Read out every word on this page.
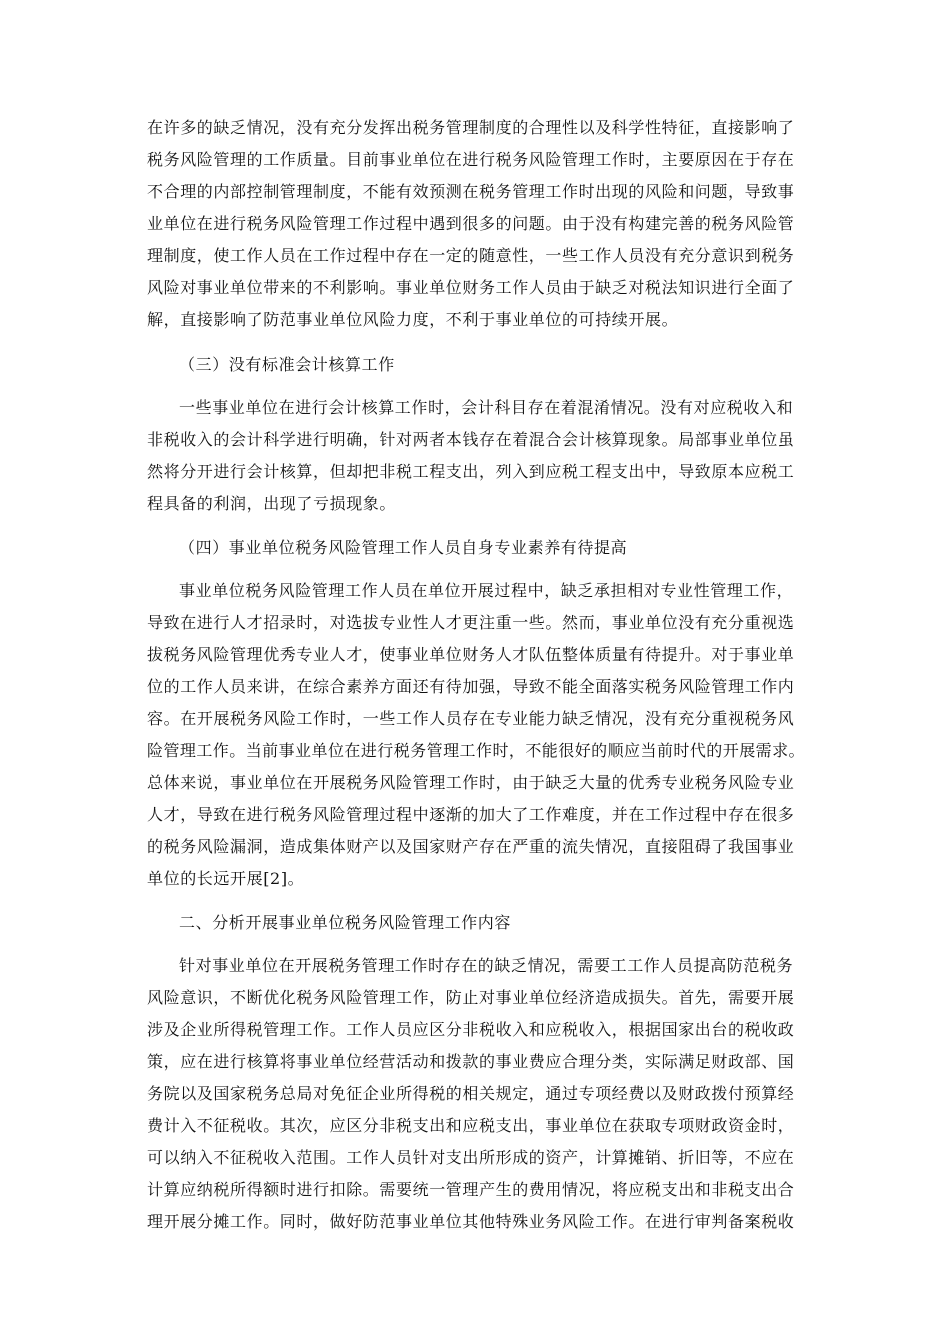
在许多的缺乏情况，没有充分发挥出税务管理制度的合理性以及科学性特征，直接影响了
税务风险管理的工作质量。目前事业单位在进行税务风险管理工作时，主要原因在于存在
不合理的内部控制管理制度，不能有效预测在税务管理工作时出现的风险和问题，导致事
业单位在进行税务风险管理工作过程中遇到很多的问题。由于没有构建完善的税务风险管
理制度，使工作人员在工作过程中存在一定的随意性，一些工作人员没有充分意识到税务
风险对事业单位带来的不利影响。事业单位财务工作人员由于缺乏对税法知识进行全面了
解，直接影响了防范事业单位风险力度，不利于事业单位的可持续开展。
（三）没有标准会计核算工作
一些事业单位在进行会计核算工作时，会计科目存在着混淆情况。没有对应税收入和
非税收入的会计科学进行明确，针对两者本钱存在着混合会计核算现象。局部事业单位虽
然将分开进行会计核算，但却把非税工程支出，列入到应税工程支出中，导致原本应税工
程具备的利润，出现了亏损现象。
（四）事业单位税务风险管理工作人员自身专业素养有待提高
事业单位税务风险管理工作人员在单位开展过程中，缺乏承担相对专业性管理工作，
导致在进行人才招录时，对选拔专业性人才更注重一些。然而，事业单位没有充分重视选
拔税务风险管理优秀专业人才，使事业单位财务人才队伍整体质量有待提升。对于事业单
位的工作人员来讲，在综合素养方面还有待加强，导致不能全面落实税务风险管理工作内
容。在开展税务风险工作时，一些工作人员存在专业能力缺乏情况，没有充分重视税务风
险管理工作。当前事业单位在进行税务管理工作时，不能很好的顺应当前时代的开展需求。
总体来说，事业单位在开展税务风险管理工作时，由于缺乏大量的优秀专业税务风险专业
人才，导致在进行税务风险管理过程中逐渐的加大了工作难度，并在工作过程中存在很多
的税务风险漏洞，造成集体财产以及国家财产存在严重的流失情况，直接阻碍了我国事业
单位的长远开展[2]。
二、分析开展事业单位税务风险管理工作内容
针对事业单位在开展税务管理工作时存在的缺乏情况，需要工工作人员提高防范税务
风险意识，不断优化税务风险管理工作，防止对事业单位经济造成损失。首先，需要开展
涉及企业所得税管理工作。工作人员应区分非税收入和应税收入，根据国家出台的税收政
策，应在进行核算将事业单位经营活动和拨款的事业费应合理分类，实际满足财政部、国
务院以及国家税务总局对免征企业所得税的相关规定，通过专项经费以及财政拨付预算经
费计入不征税收。其次，应区分非税支出和应税支出，事业单位在获取专项财政资金时，
可以纳入不征税收入范围。工作人员针对支出所形成的资产，计算摊销、折旧等，不应在
计算应纳税所得额时进行扣除。需要统一管理产生的费用情况，将应税支出和非税支出合
理开展分摊工作。同时，做好防范事业单位其他特殊业务风险工作。在进行审判备案税收
